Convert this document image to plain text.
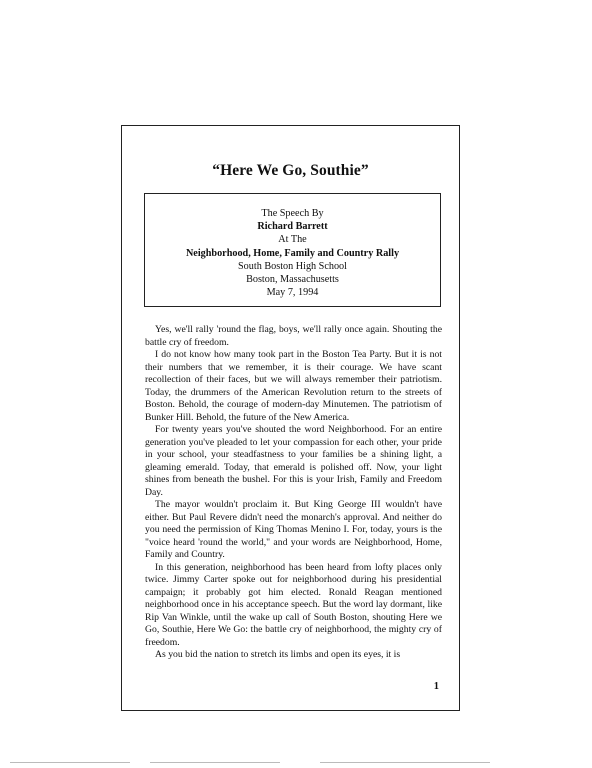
“Here We Go, Southie”
The Speech By
Richard Barrett
At The
Neighborhood, Home, Family and Country Rally
South Boston High School
Boston, Massachusetts
May 7, 1994

Yes, we'll rally 'round the flag, boys, we'll rally once again. Shouting the battle cry of freedom.

I do not know how many took part in the Boston Tea Party. But it is not their numbers that we remember, it is their courage. We have scant recollection of their faces, but we will always remember their patriotism. Today, the drummers of the American Revolution return to the streets of Boston. Behold, the courage of modern-day Minutemen. The patriotism of Bunker Hill. Behold, the future of the New America.

For twenty years you've shouted the word Neighborhood. For an entire generation you've pleaded to let your compassion for each other, your pride in your school, your steadfastness to your families be a shining light, a gleaming emerald. Today, that emerald is polished off. Now, your light shines from beneath the bushel. For this is your Irish, Family and Freedom Day.

The mayor wouldn't proclaim it. But King George III wouldn't have either. But Paul Revere didn't need the monarch's approval. And neither do you need the permission of King Thomas Menino I. For, today, yours is the "voice heard 'round the world," and your words are Neighborhood, Home, Family and Country.

In this generation, neighborhood has been heard from lofty places only twice. Jimmy Carter spoke out for neighborhood during his presidential campaign; it probably got him elected. Ronald Reagan mentioned neighborhood once in his acceptance speech. But the word lay dormant, like Rip Van Winkle, until the wake up call of South Boston, shouting Here we Go, Southie, Here We Go: the battle cry of neighborhood, the mighty cry of freedom.

As you bid the nation to stretch its limbs and open its eyes, it is

1
